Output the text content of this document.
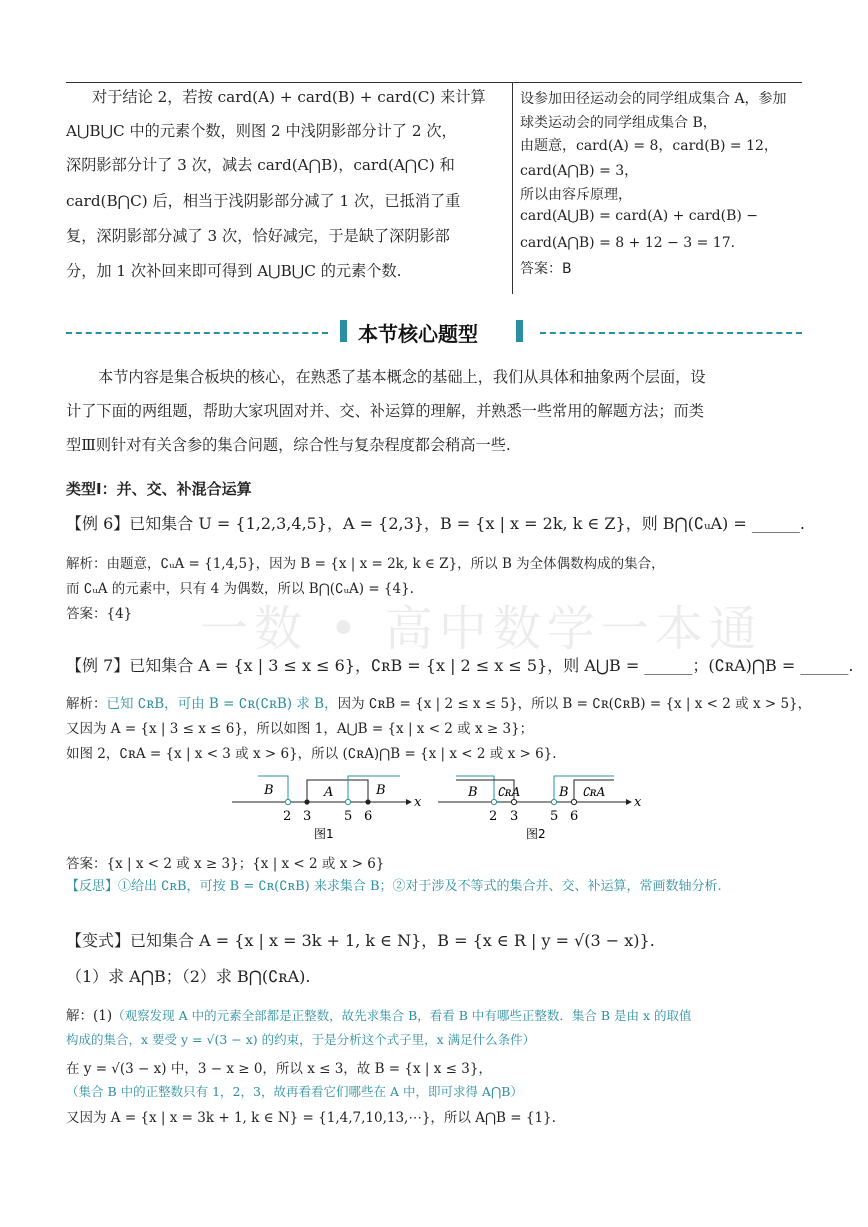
对于结论 2，若按 card(A) + card(B) + card(C) 来计算
A⋃B⋃C 中的元素个数，则图 2 中浅阴影部分计了 2 次，
深阴影部分计了 3 次，减去 card(A⋂B)，card(A⋂C) 和
card(B⋂C) 后，相当于浅阴影部分减了 1 次，已抵消了重
复，深阴影部分减了 3 次，恰好减完，于是缺了深阴影部
分，加 1 次补回来即可得到 A⋃B⋃C 的元素个数.
设参加田径运动会的同学组成集合 A，参加
球类运动会的同学组成集合 B，
由题意，card(A) = 8，card(B) = 12，
card(A⋂B) = 3，
所以由容斥原理，
card(A⋃B) = card(A) + card(B) −
card(A⋂B) = 8 + 12 − 3 = 17．
答案：B
本节核心题型
本节内容是集合板块的核心，在熟悉了基本概念的基础上，我们从具体和抽象两个层面，设
计了下面的两组题，帮助大家巩固对并、交、补运算的理解，并熟悉一些常用的解题方法；而类
型Ⅲ则针对有关含参的集合问题，综合性与复杂程度都会稍高一些.
类型Ⅰ：并、交、补混合运算
【例 6】已知集合 U = {1,2,3,4,5}，A = {2,3}，B = {x | x = 2k, k ∈ Z}，则 B⋂(∁ᵤA) = ______.
解析：由题意，∁ᵤA = {1,4,5}，因为 B = {x | x = 2k, k ∈ Z}，所以 B 为全体偶数构成的集合，
而 ∁ᵤA 的元素中，只有 4 为偶数，所以 B⋂(∁ᵤA) = {4}.
答案：{4} 一数 • 高中数学一本通
【例 7】已知集合 A = {x | 3 ≤ x ≤ 6}，∁ʀB = {x | 2 ≤ x ≤ 5}，则 A⋃B = ______；(∁ʀA)⋂B = ______.
解析：已知 ∁ʀB，可由 B = ∁ʀ(∁ʀB) 求 B，因为 ∁ʀB = {x | 2 ≤ x ≤ 5}，所以 B = ∁ʀ(∁ʀB) = {x | x < 2 或 x > 5}，
又因为 A = {x | 3 ≤ x ≤ 6}，所以如图 1，A⋃B = {x | x < 2 或 x ≥ 3}；
如图 2，∁ʀA = {x | x < 3 或 x > 6}，所以 (∁ʀA)⋂B = {x | x < 2 或 x > 6}.
B	A	B
2 3	5 6
x
图1
B ∁ʀA	B ∁ʀA
2 3 5 6
x
图2
答案：{x | x < 2 或 x ≥ 3}；{x | x < 2 或 x > 6}
【反思】①给出 ∁ʀB，可按 B = ∁ʀ(∁ʀB) 来求集合 B；②对于涉及不等式的集合并、交、补运算，常画数轴分析.
【变式】已知集合 A = {x | x = 3k + 1, k ∈ N}，B = {x ∈ R | y = √(3 − x)}.
（1）求 A⋂B；（2）求 B⋂(∁ʀA).
解：(1)（观察发现 A 中的元素全部都是正整数，故先求集合 B，看看 B 中有哪些正整数．集合 B 是由 x 的取值
构成的集合，x 要受 y = √(3 − x) 的约束，于是分析这个式子里，x 满足什么条件）
在 y = √(3 − x) 中，3 − x ≥ 0，所以 x ≤ 3，故 B = {x | x ≤ 3}，
（集合 B 中的正整数只有 1，2，3，故再看看它们哪些在 A 中，即可求得 A⋂B）
又因为 A = {x | x = 3k + 1, k ∈ N} = {1,4,7,10,13,⋯}，所以 A⋂B = {1}.
